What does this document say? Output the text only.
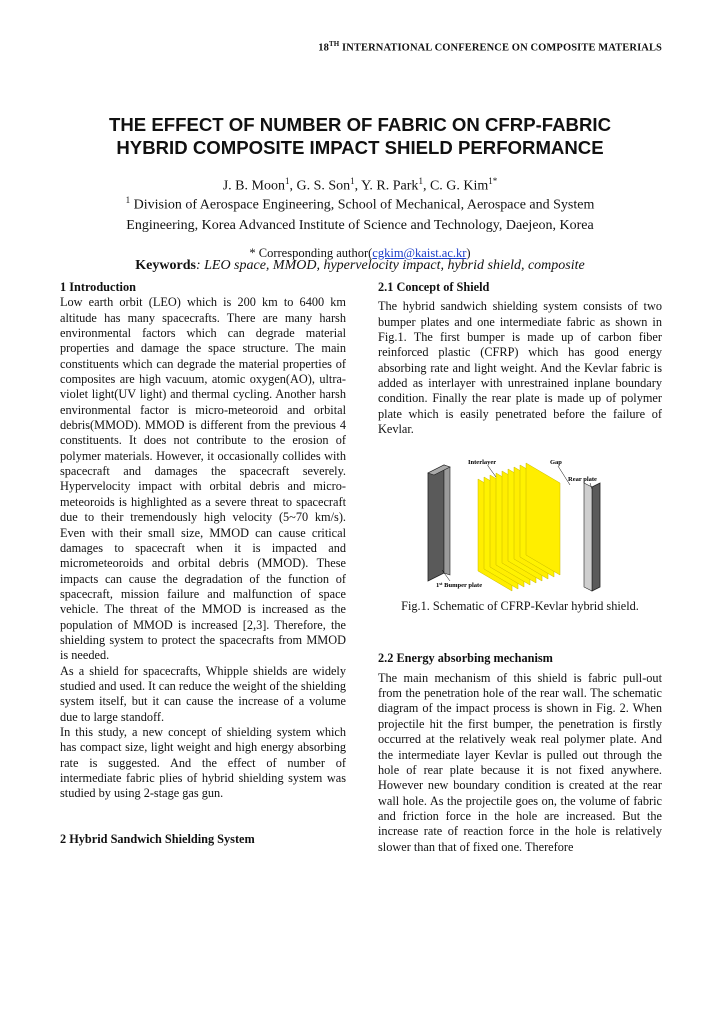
18TH INTERNATIONAL CONFERENCE ON COMPOSITE MATERIALS
THE EFFECT OF NUMBER OF FABRIC ON CFRP-FABRIC
HYBRID COMPOSITE IMPACT SHIELD PERFORMANCE
J. B. Moon$^1$, G. S. Son$^1$, Y. R. Park$^1$, C. G. Kim$^{1*}$
$^1$ Division of Aerospace Engineering, School of Mechanical, Aerospace and System
Engineering, Korea Advanced Institute of Science and Technology, Daejeon, Korea
* Corresponding author(cgkim@kaist.ac.kr)
Keywords: LEO space, MMOD, hypervelocity impact, hybrid shield, composite

1 Introduction

Low earth orbit (LEO) which is 200 km to 6400 km altitude has many spacecrafts. There are many harsh environmental factors which can degrade material properties and damage the space structure. The main constituents which can degrade the material properties of composites are high vacuum, atomic oxygen(AO), ultra-violet light(UV light) and thermal cycling. Another harsh environmental factor is micro-meteoroid and orbital debris(MMOD). MMOD is different from the previous 4 constituents. It does not contribute to the erosion of polymer materials. However, it occasionally collides with spacecraft and damages the spacecraft severely. Hypervelocity impact with orbital debris and micro-meteoroids is highlighted as a severe threat to spacecraft due to their tremendously high velocity (5~70 km/s). Even with their small size, MMOD can cause critical damages to spacecraft when it is impacted and micrometeoroids and orbital debris (MMOD). These impacts can cause the degradation of the function of spacecraft, mission failure and malfunction of space vehicle. The threat of the MMOD is increased as the population of MMOD is increased [2,3]. Therefore, the shielding system to protect the spacecrafts from MMOD is needed.

As a shield for spacecrafts, Whipple shields are widely studied and used. It can reduce the weight of the shielding system itself, but it can cause the increase of a volume due to large standoff.

In this study, a new concept of shielding system which has compact size, light weight and high energy absorbing rate is suggested. And the effect of number of intermediate fabric plies of hybrid shielding system was studied by using 2-stage gas gun.

2 Hybrid Sandwich Shielding System

2.1 Concept of Shield

The hybrid sandwich shielding system consists of two bumper plates and one intermediate fabric as shown in Fig.1. The first bumper is made up of carbon fiber reinforced plastic (CFRP) which has good energy absorbing rate and light weight. And the Kevlar fabric is added as interlayer with unrestrained inplane boundary condition. Finally the rear plate is made up of polymer plate which is easily penetrated before the failure of Kevlar.

2.2 Energy absorbing mechanism

The main mechanism of this shield is fabric pull-out from the penetration hole of the rear wall. The schematic diagram of the impact process is shown in Fig. 2. When projectile hit the first bumper, the penetration is firstly occurred at the relatively weak real polymer plate. And the intermediate layer Kevlar is pulled out through the hole of rear plate because it is not fixed anywhere. However new boundary condition is created at the rear wall hole. As the projectile goes on, the volume of fabric and friction force in the hole are increased. But the increase rate of reaction force in the hole is relatively slower than that of fixed one. Therefore

Interlayer	Gap
Rear plate
1st Bumper plate
Fig.1. Schematic of CFRP-Kevlar hybrid shield.
